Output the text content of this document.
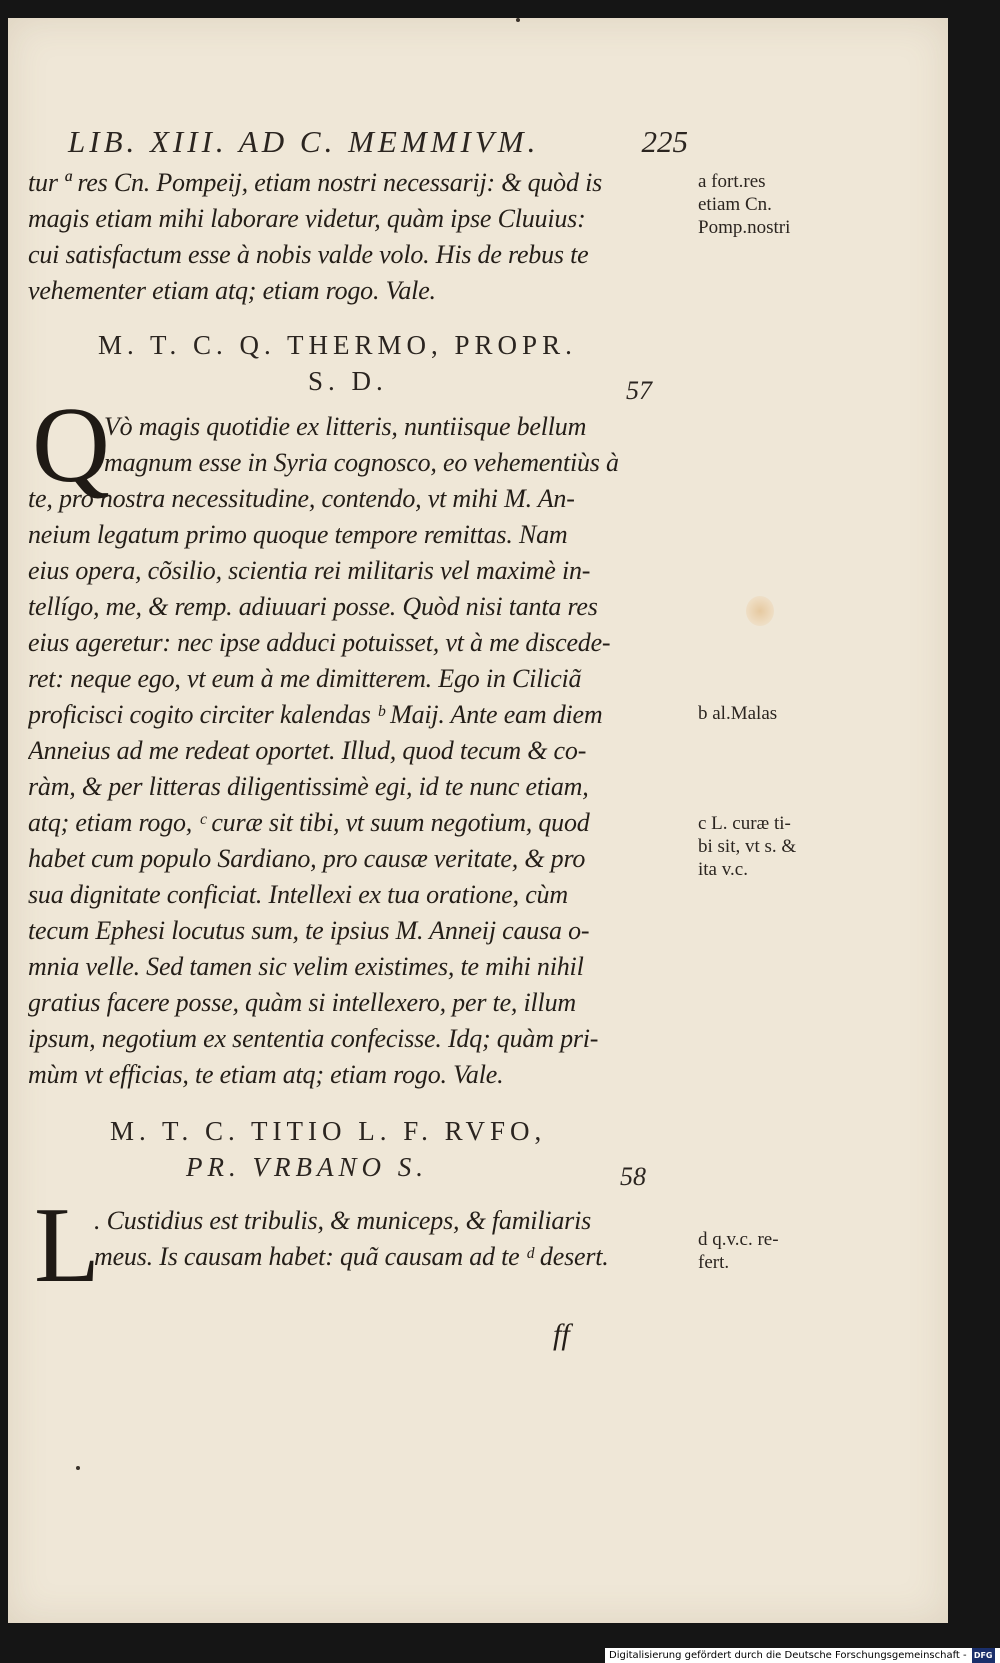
LIB. XIII. AD C. MEMMIVM.	225
tur ª res Cn. Pompeij, etiam nostri necessarij: & quòd is
magis etiam mihi laborare videtur, quàm ipse Cluuius:
cui satisfactum esse à nobis valde volo. His de rebus te
vehementer etiam atq; etiam rogo. Vale.
M. T. C. Q. THERMO, PROPR.
S. D.	57
Q
Vò magis quotidie ex litteris, nuntiisque bellum
magnum esse in Syria cognosco, eo vehementiùs à
te, pro nostra necessitudine, contendo, vt mihi M. An-
neium legatum primo quoque tempore remittas. Nam
eius opera, cõsilio, scientia rei militaris vel maximè in-
tellígo, me, & remp. adiuuari posse. Quòd nisi tanta res
eius ageretur: nec ipse adduci potuisset, vt à me discede-
ret: neque ego, vt eum à me dimitterem. Ego in Ciliciã
proficisci cogito circiter kalendas ᵇ Maij. Ante eam diem
Anneius ad me redeat oportet. Illud, quod tecum & co-
ràm, & per litteras diligentissimè egi, id te nunc etiam,
atq; etiam rogo, ᶜ curæ sit tibi, vt suum negotium, quod
habet cum populo Sardiano, pro causæ veritate, & pro
sua dignitate conficiat. Intellexi ex tua oratione, cùm
tecum Ephesi locutus sum, te ipsius M. Anneij causa o-
mnia velle. Sed tamen sic velim existimes, te mihi nihil
gratius facere posse, quàm si intellexero, per te, illum
ipsum, negotium ex sententia confecisse. Idq; quàm pri-
mùm vt efficias, te etiam atq; etiam rogo. Vale.
M. T. C. TITIO L. F. RVFO,
PR. VRBANO S.	58
L
. Custidius est tribulis, & municeps, & familiaris
meus. Is causam habet: quã causam ad te ᵈ desert.
ff
a fort.res
etiam Cn.
Pomp.nostri
b al.Malas
c L. curæ ti-
bi sit, vt s. &
ita v.c.
d q.v.c. re-
fert.
Digitalisierung gefördert durch die Deutsche Forschungsgemeinschaft - DFG
